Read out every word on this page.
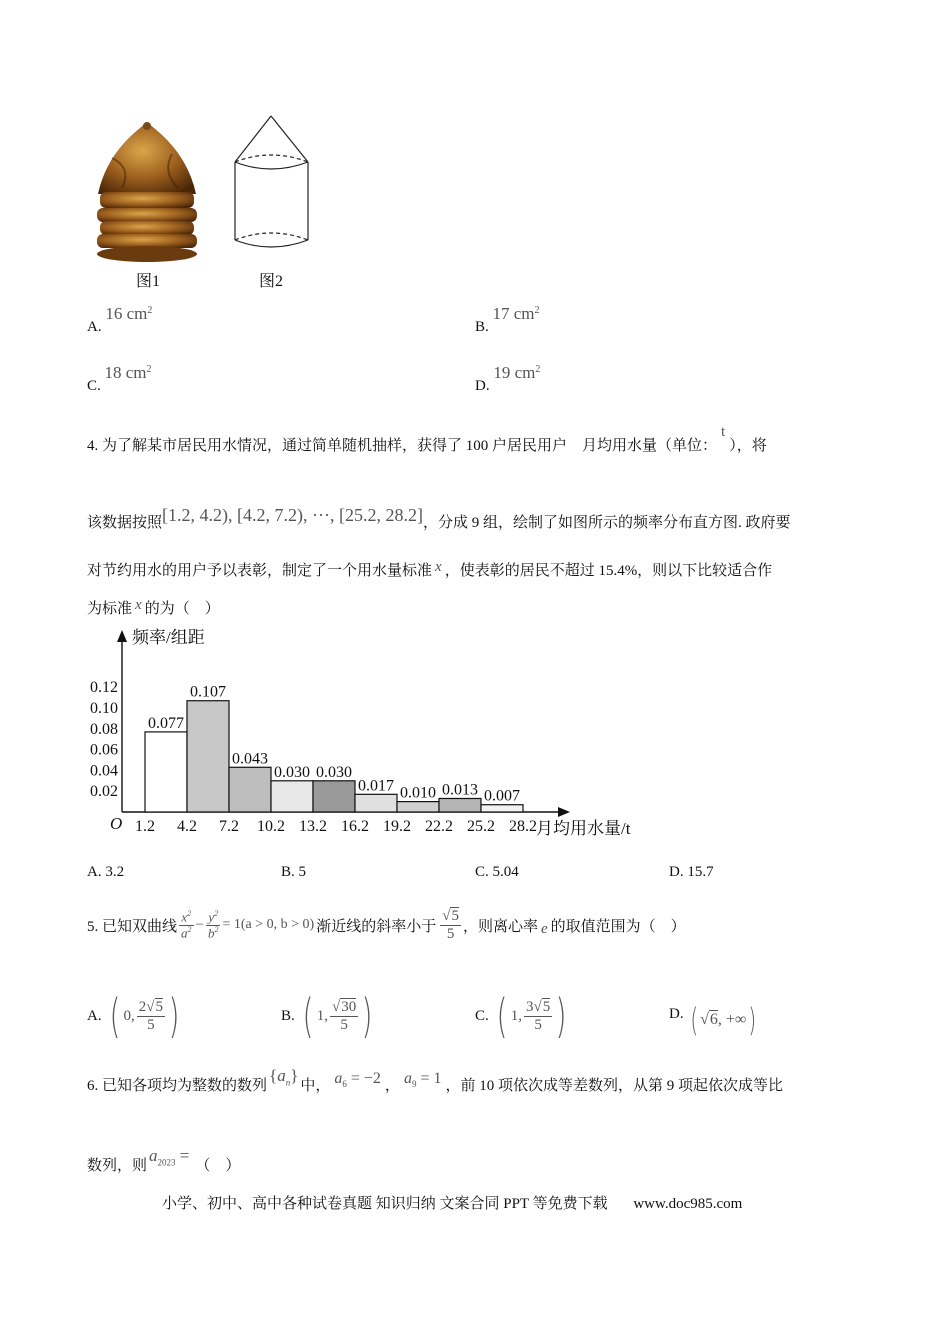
图1	图2
A. 16 $cm^2$
B. 17 $cm^2$
C. 18 $cm^2$
D. 19 $cm^2$
4. 为了解某市居民用水情况，通过简单随机抽样，获得了 100 户居民用户　月均用水量（单位：t），将
该数据按照[1.2, 4.2), [4.2, 7.2), ···, [25.2, 28.2]，分成 9 组，绘制了如图所示的频率分布直方图. 政府要
对节约用水的用户予以表彰，制定了一个用水量标准 x ，使表彰的居民不超过 15.4%，则以下比较适合作
为标准 x 的为（　）
频率/组距
月均用水量/t
O
0.02
0.04
0.06
0.08
0.10
0.12
0.077
0.107
0.043
0.030 0.030
0.017 0.010 0.013 0.007
1.2 4.2 7.2 10.2 13.2 16.2 19.2 22.2 25.2 28.2
A. 3.2	B. 5	C. 5.04	D. 15.7
5. 已知双曲线 $\frac{x^2}{a^2} - \frac{y^2}{b^2} = 1(a > 0$, b > 0) 渐近线的斜率小于 $\frac{√5}{5}$ ，则离心率 e 的取值范围为（　）
A. ( 0, $\frac{2√5}{5}$ )	B. ( 1, $\frac{√30}{5}$ )	C. ( 1, $\frac{3√5}{5}$ )	D. ( √6 , +∞ )
6. 已知各项均为整数的数列
$\{a_n\}$
中， $a_6 = -2$ ， $a_9 = 1$ ，前 10 项依次成等差数列，从第 9 项起依次成等比
数列，则
$a_{2023}$ =
（　）
小学、初中、高中各种试卷真题 知识归纳 文案合同 PPT 等免费下载 www.doc985.com
